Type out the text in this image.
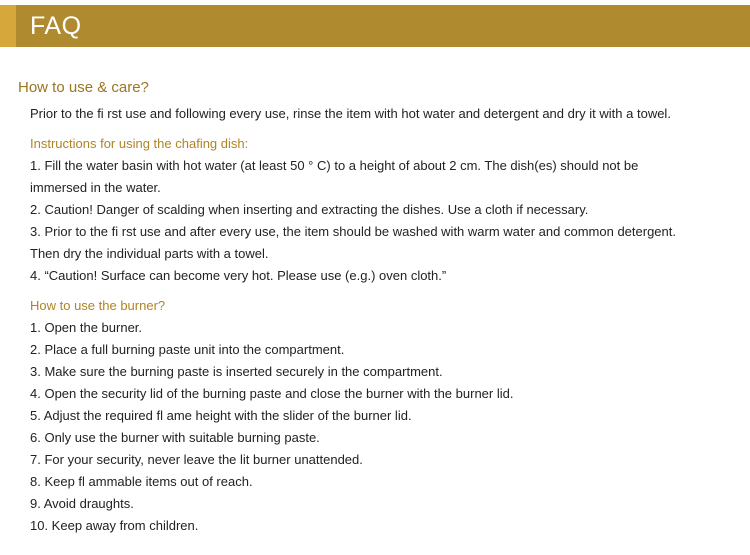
FAQ
How to use & care?
Prior to the fi rst use and following every use, rinse the item with hot water and detergent and dry it with a towel.
Instructions for using the chafing dish:
1. Fill the water basin with hot water (at least 50 ° C) to a height of about 2 cm. The dish(es) should not be
immersed in the water.
2. Caution! Danger of scalding when inserting and extracting the dishes. Use a cloth if necessary.
3. Prior to the fi rst use and after every use, the item should be washed with warm water and common detergent.
Then dry the individual parts with a towel.
4. “Caution! Surface can become very hot. Please use (e.g.) oven cloth.”
How to use the burner?
1. Open the burner.
2. Place a full burning paste unit into the compartment.
3. Make sure the burning paste is inserted securely in the compartment.
4. Open the security lid of the burning paste and close the burner with the burner lid.
5. Adjust the required fl ame height with the slider of the burner lid.
6. Only use the burner with suitable burning paste.
7. For your security, never leave the lit burner unattended.
8. Keep fl ammable items out of reach.
9. Avoid draughts.
10. Keep away from children.
